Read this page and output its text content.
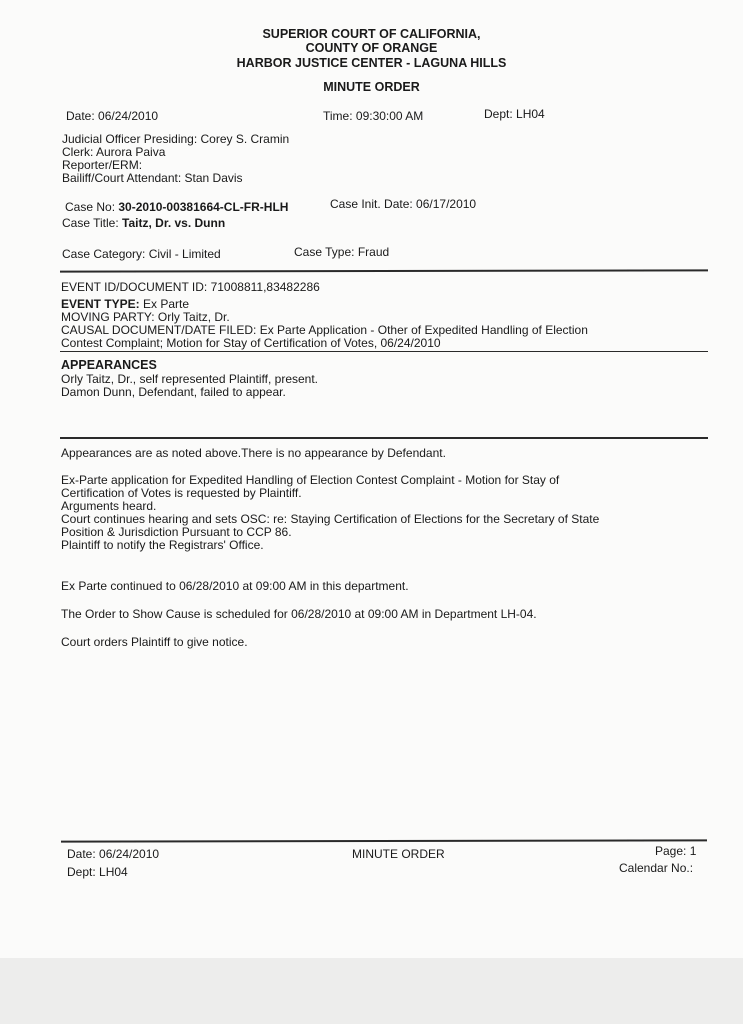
SUPERIOR COURT OF CALIFORNIA,
COUNTY OF ORANGE
HARBOR JUSTICE CENTER - LAGUNA HILLS
MINUTE ORDER
Date: 06/24/2010	Time: 09:30:00 AM	Dept: LH04
Judicial Officer Presiding: Corey S. Cramin
Clerk: Aurora Paiva
Reporter/ERM:
Bailiff/Court Attendant: Stan Davis
Case No: 30-2010-00381664-CL-FR-HLH	Case Init. Date: 06/17/2010
Case Title: Taitz, Dr. vs. Dunn
Case Category: Civil - Limited	Case Type: Fraud
EVENT ID/DOCUMENT ID: 71008811,83482286
EVENT TYPE: Ex Parte
MOVING PARTY: Orly Taitz, Dr.
CAUSAL DOCUMENT/DATE FILED: Ex Parte Application - Other of Expedited Handling of Election
Contest Complaint; Motion for Stay of Certification of Votes, 06/24/2010
APPEARANCES
Orly Taitz, Dr., self represented Plaintiff, present.
Damon Dunn, Defendant, failed to appear.
Appearances are as noted above.There is no appearance by Defendant.
Ex-Parte application for Expedited Handling of Election Contest Complaint - Motion for Stay of
Certification of Votes is requested by Plaintiff.
Arguments heard.
Court continues hearing and sets OSC: re: Staying Certification of Elections for the Secretary of State
Position & Jurisdiction Pursuant to CCP 86.
Plaintiff to notify the Registrars' Office.
Ex Parte continued to 06/28/2010 at 09:00 AM in this department.
The Order to Show Cause is scheduled for 06/28/2010 at 09:00 AM in Department LH-04.
Court orders Plaintiff to give notice.
Date: 06/24/2010
Dept: LH04
MINUTE ORDER	Page: 1
Calendar No.:
